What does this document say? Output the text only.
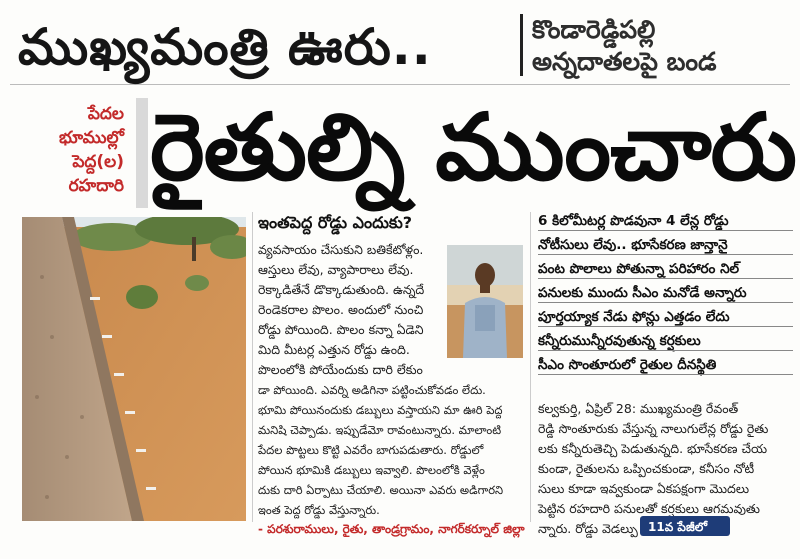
ముఖ్యమంత్రి ఊరు..	కొండారెడ్డిపల్లి
అన్నదాతలపై బండ
పేదల
భూముల్లో
పెద్ద(ల)
రహదారి రైతుల్ని ముంచారు
ఇంతపెద్ద రోడ్డు ఎందుకు?
వ్యవసాయం చేసుకుని బతికేటోళ్లం.
ఆస్తులు లేవు, వ్యాపారాలు లేవు.
రెక్కాడితేనే డొక్కాడుతుంది. ఉన్నదే
రెండెకరాల పొలం. అందులో నుంచి
రోడ్డు పోయింది. పొలం కన్నా ఏడెని
మిది మీటర్ల ఎత్తున రోడ్డు ఉంది.
పొలంలోకి పోయేందుకు దారి లేకుం
డా పోయింది. ఎవర్ని అడిగినా పట్టించుకోవడం లేదు.
భూమి పోయినందుకు డబ్బులు వస్తాయని మా ఊరి పెద్ద
మనిషి చెప్పాడు. ఇప్పుడేమో రావంటున్నారు. మాలాంటి
పేదల పొట్టలు కొట్టి ఎవరేం బాగుపడుతారు. రోడ్డులో
పోయిన భూమికి డబ్బులు ఇవ్వాలి. పొలంలోకి వెళ్లేం
దుకు దారి ఏర్పాటు చేయాలి. అయినా ఎవరు అడిగారని
ఇంత పెద్ద రోడ్డు వేస్తున్నారు.
- పరశురాములు, రైతు, తాండ్రగ్రామం, నాగర్‌కర్నూల్ జిల్లా
6 కిలోమీటర్ల పొడవునా 4 లేన్ల రోడ్డు
నోటీసులు లేవు.. భూసేకరణ జాన్తానై
పంట పొలాలు పోతున్నా పరిహారం నిల్
పనులకు ముందు సీఎం మనోడే అన్నారు
పూర్తయ్యాక నేడు ఫోన్లు ఎత్తడం లేదు
కన్నీరుమున్నీరవుతున్న కర్షకులు
సీఎం సొంతూరులో రైతుల దీనస్థితి
కల్వకుర్తి, ఏప్రిల్ 28: ముఖ్యమంత్రి రేవంత్
రెడ్డి సొంతూరుకు వేస్తున్న నాలుగులేన్ల రోడ్డు రైతు
లకు కన్నీరుతెచ్చి పెడుతున్నది. భూసేకరణ చేయ
కుండా, రైతులను ఒప్పించకుండా, కనీసం నోటీ
సులు కూడా ఇవ్వకుండా ఏకపక్షంగా మొదలు
పెట్టిన రహదారి పనులతో కర్షకులు ఆగమవుతు
న్నారు. రోడ్డు వెడల్పు 11వ పేజీలో
